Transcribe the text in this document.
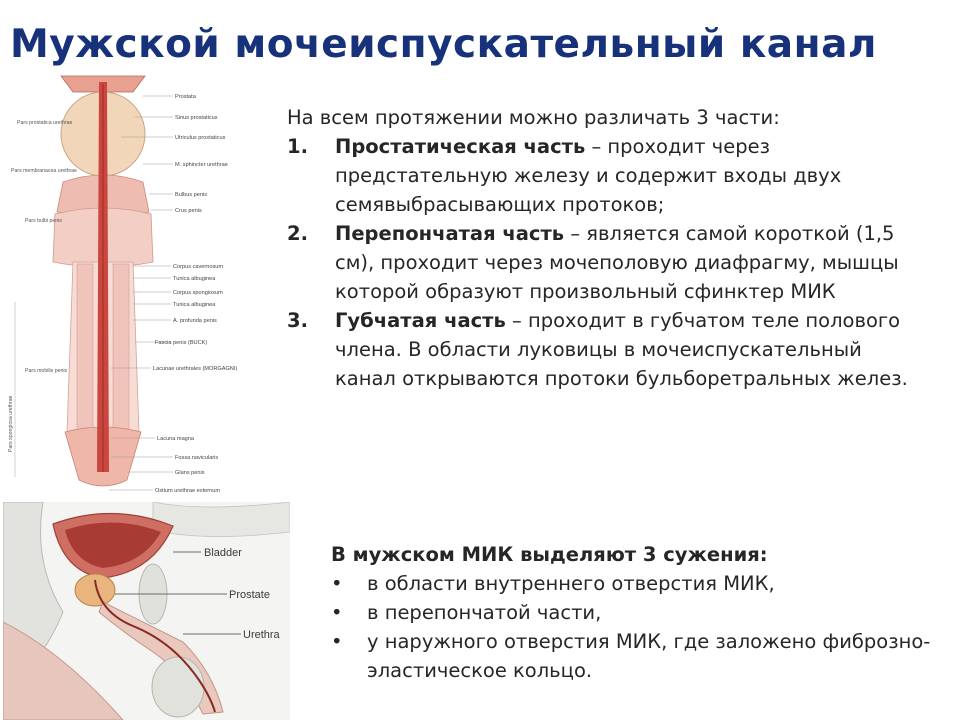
Мужской мочеиспускательный канал
Prostata
Sinus prostaticus
Utriculus prostaticus
M. sphincter urethrae
Bulbus penis
Crus penis
Corpus cavernosum
Tunica albuginea
Corpus spongiosum
Tunica albuginea
A. profunda penis
Fascia penis (BUCK)
Lacunae urethrales (MORGAGNI)
Lacuna magna
Fossa navicularis
Glans penis
Ostium urethrae externum
Pars prostatica urethrae
Pars membranacea urethrae
Pars bulbi penis
Pars spongiosa urethrae
Pars mobilis penis
Bladder
Prostate
Urethra
На всем протяжении можно различать 3 части:
1. Простатическая часть – проходит через предстательную железу и содержит входы двух семявыбрасывающих протоков;
2. Перепончатая часть – является самой короткой (1,5 см), проходит через мочеполовую диафрагму, мышцы которой образуют произвольный сфинктер МИК
3. Губчатая часть – проходит в губчатом теле полового члена. В области луковицы в мочеиспускательный канал открываются протоки бульборетральных желез.
В мужском МИК выделяют 3 сужения:
• в области внутреннего отверстия МИК,
• в перепончатой части,
• у наружного отверстия МИК, где заложено фиброзно-эластическое кольцо.
